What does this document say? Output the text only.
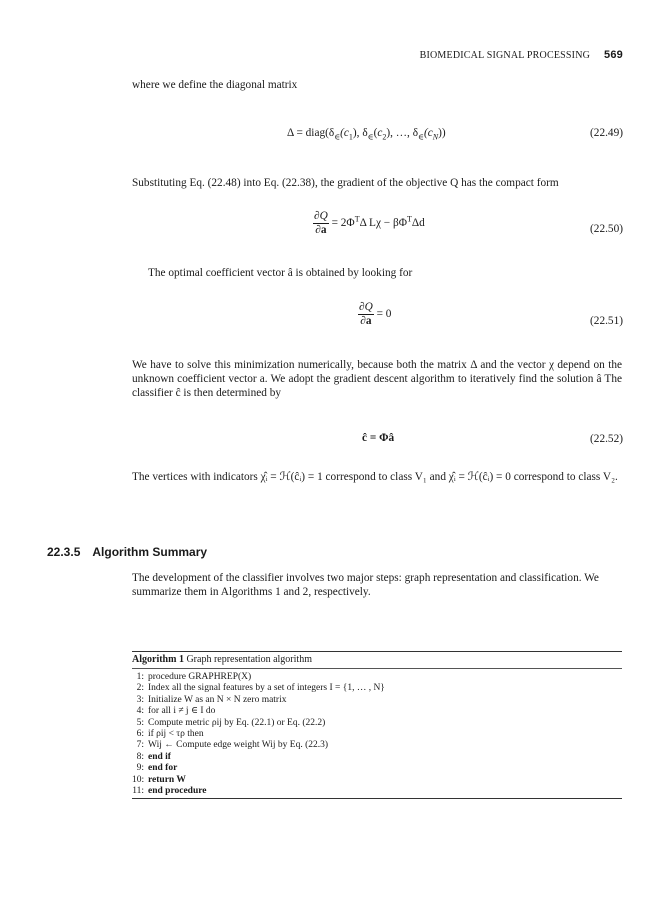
BIOMEDICAL SIGNAL PROCESSING 569
where we define the diagonal matrix
$\Delta = diag(\delta_\in(c_1)$, $\delta_\in(c_2)$, …, $\delta_\in(c_N)$)	(22.49)
Substituting Eq. (22.48) into Eq. (22.38), the gradient of the objective Q has the compact form
$\frac{\partial Q}{\partial a} = 2\Phi^T\Delta$ $L\chi - \beta\Phi^T\Delta d$	(22.50)
The optimal coefficient vector â is obtained by looking for
$\frac{\partial Q}{\partial a} = 0$
(22.51)
We have to solve this minimization numerically, because both the matrix Δ and the vector χ depend on the unknown coefficient vector a. We adopt the gradient descent algorithm to iteratively find the solution â The classifier ĉ is then determined by
ĉ = Φâ	(22.52)
The vertices with indicators χ̂ᵢ = ℋ(ĉᵢ) = 1 correspond to class V₁ and χ̂ᵢ = ℋ(ĉᵢ) = 0 correspond to class V₂.
22.3.5 Algorithm Summary
The development of the classifier involves two major steps: graph representation and classification. We summarize them in Algorithms 1 and 2, respectively.
Algorithm 1 Graph representation algorithm
1: procedure GRAPHREP(X)
2: Index all the signal features by a set of integers I = {1, … , N}
3: Initialize W as an N × N zero matrix
4: for all i ≠ j ∈ I do
5: Compute metric ρij by Eq. (22.1) or Eq. (22.2)
6: if ρij < τρ then
7: Wij ← Compute edge weight Wij by Eq. (22.3)
8: end if
9: end for
10: return W
11: end procedure
